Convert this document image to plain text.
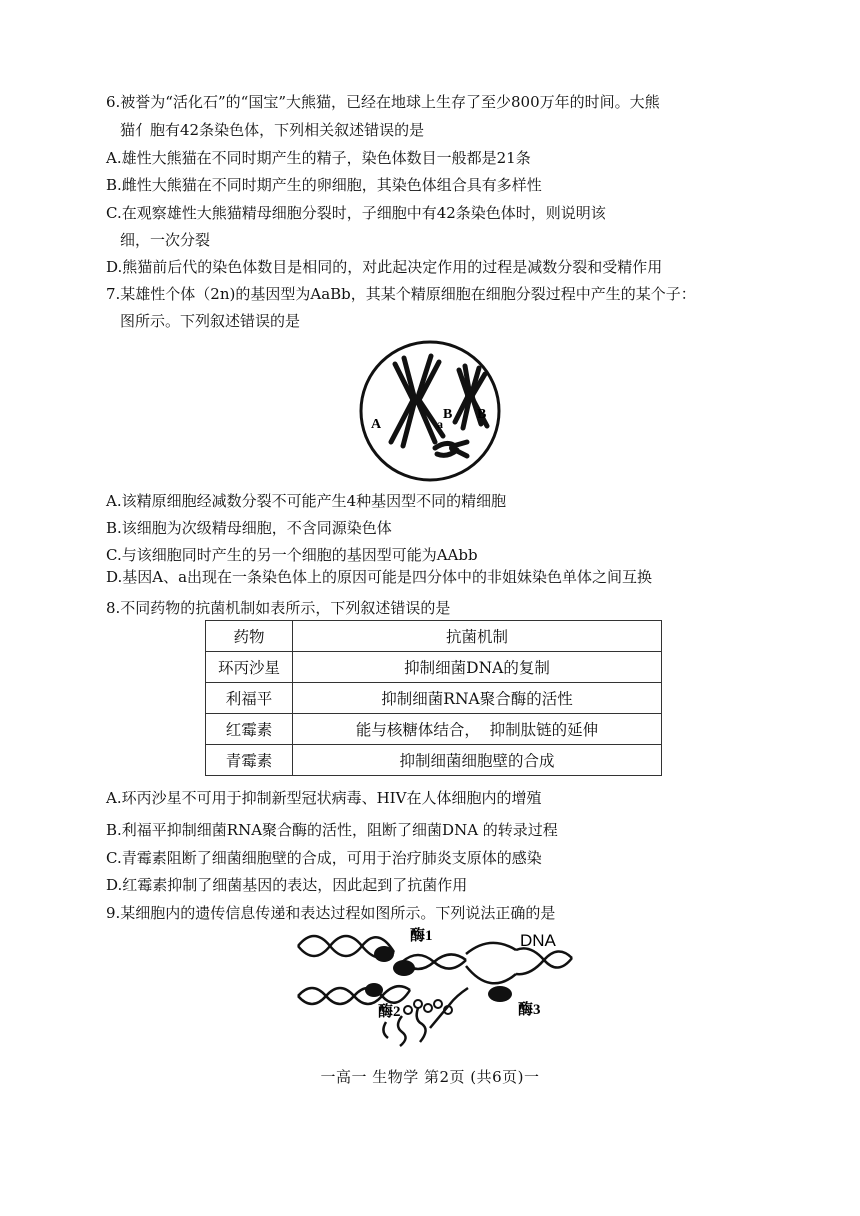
6.被誉为“活化石”的“国宝”大熊猫，已经在地球上生存了至少800万年的时间。大熊
猫亻胞有42条染色体，下列相关叙述错误的是
A.雄性大熊猫在不同时期产生的精子，染色体数目一般都是21条
B.雌性大熊猫在不同时期产生的卵细胞，其染色体组合具有多样性
C.在观察雄性大熊猫精母细胞分裂时，子细胞中有42条染色体时，则说明该
细，一次分裂
D.熊猫前后代的染色体数目是相同的，对此起决定作用的过程是减数分裂和受精作用
7.某雄性个体（2n)的基因型为AaBb，其某个精原细胞在细胞分裂过程中产生的某个子：
图所示。下列叙述错误的是
A	a
B B
A.该精原细胞经减数分裂不可能产生4种基因型不同的精细胞
B.该细胞为次级精母细胞，不含同源染色体
C.与该细胞同时产生的另一个细胞的基因型可能为AAbb
D.基因A、a出现在一条染色体上的原因可能是四分体中的非姐妹染色单体之间互换
8.不同药物的抗菌机制如表所示，下列叙述错误的是
药物	抗菌机制
环丙沙星	抑制细菌DNA的复制
利福平	抑制细菌RNA聚合酶的活性
红霉素	能与核糖体结合，  抑制肽链的延伸
青霉素	抑制细菌细胞壁的合成
A.环丙沙星不可用于抑制新型冠状病毒、HIV在人体细胞内的增殖
B.利福平抑制细菌RNA聚合酶的活性，阻断了细菌DNA 的转录过程
C.青霉素阻断了细菌细胞壁的合成，可用于治疗肺炎支原体的感染
D.红霉素抑制了细菌基因的表达，因此起到了抗菌作用
9.某细胞内的遗传信息传递和表达过程如图所示。下列说法正确的是
酶1
酶2	酶3
DNA
一高一 生物学 第2页 (共6页)一
